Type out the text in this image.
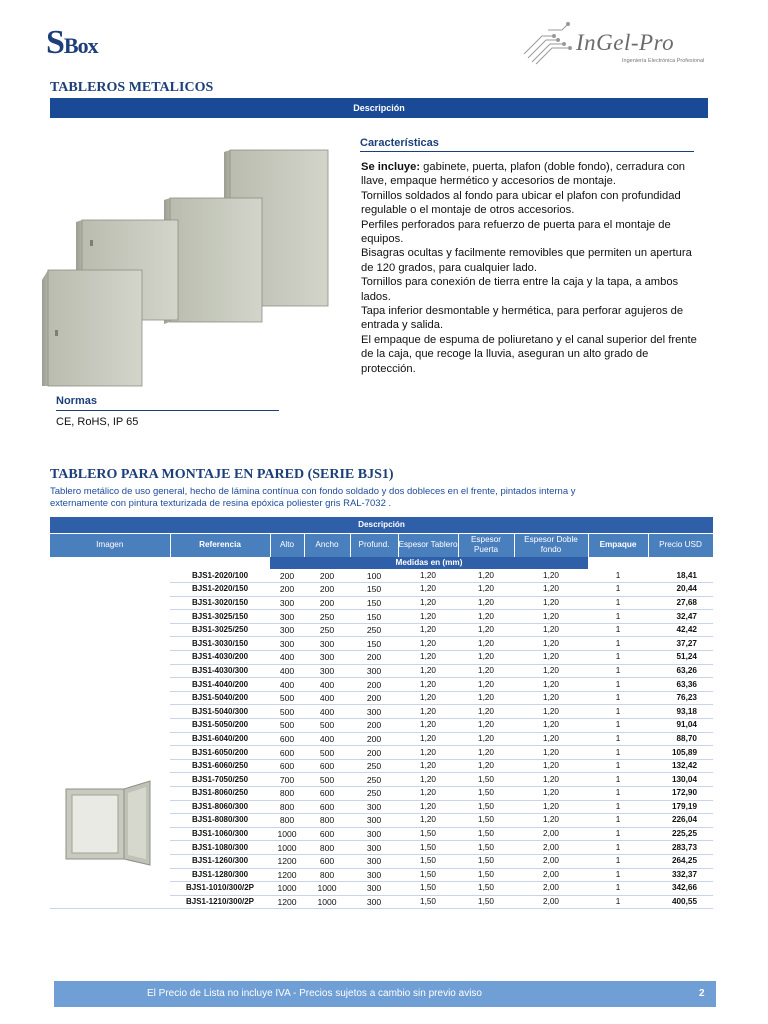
SBox	InGel-Pro
Ingeniería Electrónica Profesional
TABLEROS METALICOS
Descripción
Características
Se incluye: gabinete, puerta, plafon (doble fondo), cerradura con llave, empaque hermético y accesorios de montaje.
Tornillos soldados al fondo para ubicar el plafon con profundidad regulable o el montaje de otros accesorios.
Perfiles perforados para refuerzo de puerta para el montaje de equipos.
Bisagras ocultas y facilmente removibles que permiten un apertura de 120 grados, para cualquier lado.
Tornillos para conexión de tierra entre la caja y la tapa, a ambos lados.
Tapa inferior desmontable y hermética, para perforar agujeros de entrada y salida.
El empaque de espuma de poliuretano y el canal superior del frente de la caja, que recoge la lluvia, aseguran un alto grado de protección.
Normas
CE, RoHS, IP 65
TABLERO PARA MONTAJE EN PARED (SERIE BJS1)
Tablero metálico de uso general, hecho de lámina contínua con fondo soldado y dos dobleces en el frente, pintados interna y externamente con pintura texturizada de resina epóxica poliester gris RAL-7032 .
Descripción									
Imagen	Referencia	Alto	Ancho	Profund.	Espesor Tablero	Espesor Puerta	Espesor Doble fondo	Empaque	Precio USD
		Medidas en (mm)							
	BJS1-2020/100	200	200	100	1,20	1,20	1,20	1	18,41
	BJS1-2020/150	200	200	150	1,20	1,20	1,20	1	20,44
	BJS1-3020/150	300	200	150	1,20	1,20	1,20	1	27,68
	BJS1-3025/150	300	250	150	1,20	1,20	1,20	1	32,47
	BJS1-3025/250	300	250	250	1,20	1,20	1,20	1	42,42
	BJS1-3030/150	300	300	150	1,20	1,20	1,20	1	37,27
	BJS1-4030/200	400	300	200	1,20	1,20	1,20	1	51,24
	BJS1-4030/300	400	300	300	1,20	1,20	1,20	1	63,26
	BJS1-4040/200	400	400	200	1,20	1,20	1,20	1	63,36
	BJS1-5040/200	500	400	200	1,20	1,20	1,20	1	76,23
	BJS1-5040/300	500	400	300	1,20	1,20	1,20	1	93,18
	BJS1-5050/200	500	500	200	1,20	1,20	1,20	1	91,04
	BJS1-6040/200	600	400	200	1,20	1,20	1,20	1	88,70
	BJS1-6050/200	600	500	200	1,20	1,20	1,20	1	105,89
	BJS1-6060/250	600	600	250	1,20	1,20	1,20	1	132,42
	BJS1-7050/250	700	500	250	1,20	1,50	1,20	1	130,04
	BJS1-8060/250	800	600	250	1,20	1,50	1,20	1	172,90
	BJS1-8060/300	800	600	300	1,20	1,50	1,20	1	179,19
	BJS1-8080/300	800	800	300	1,20	1,50	1,20	1	226,04
	BJS1-1060/300	1000	600	300	1,50	1,50	2,00	1	225,25
	BJS1-1080/300	1000	800	300	1,50	1,50	2,00	1	283,73
	BJS1-1260/300	1200	600	300	1,50	1,50	2,00	1	264,25
	BJS1-1280/300	1200	800	300	1,50	1,50	2,00	1	332,37
	BJS1-1010/300/2P	1000	1000	300	1,50	1,50	2,00	1	342,66
	BJS1-1210/300/2P	1200	1000	300	1,50	1,50	2,00	1	400,55
El Precio de Lista no incluye IVA - Precios sujetos a cambio sin previo aviso	2
